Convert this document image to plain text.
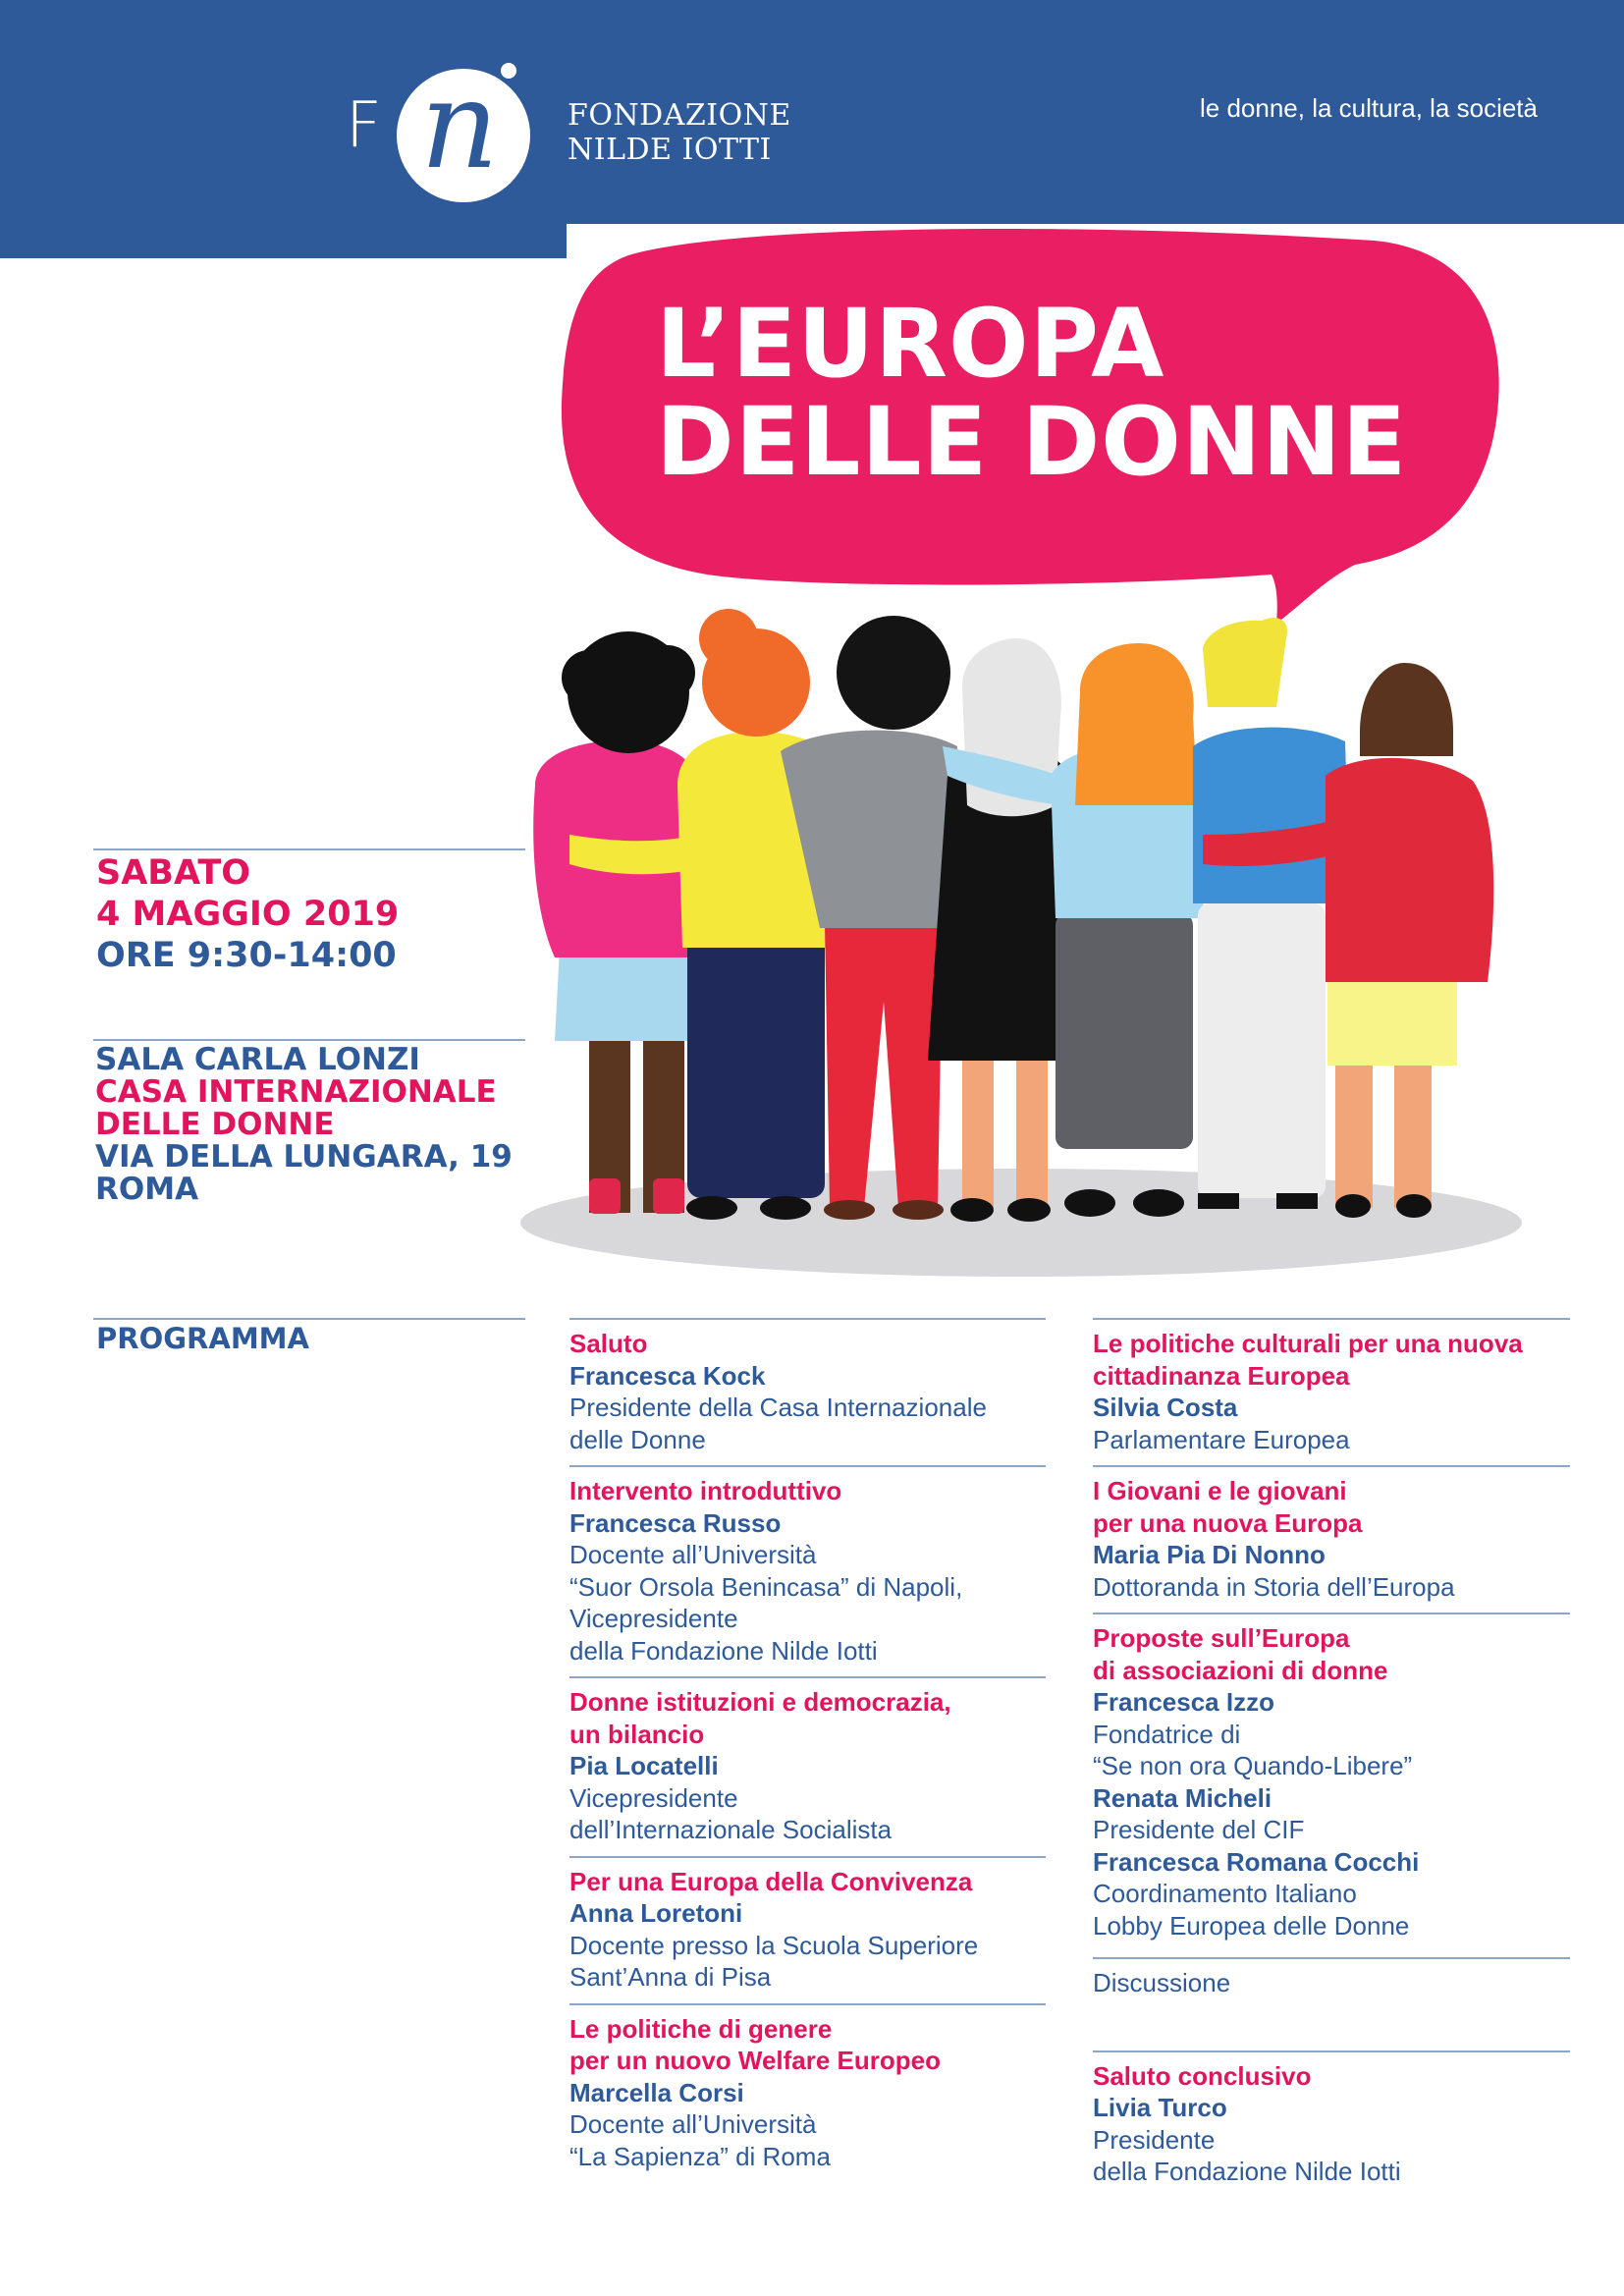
F n FONDAZIONE
NILDE IOTTI
le donne, la cultura, la società
L’EUROPA
DELLE DONNE
SABATO
4 MAGGIO 2019
ORE 9:30-14:00
SALA CARLA LONZI
CASA INTERNAZIONALE
DELLE DONNE
VIA DELLA LUNGARA, 19
ROMA
PROGRAMMA	Saluto
Francesca Kock
Presidente della Casa Internazionale
delle Donne
Intervento introduttivo
Francesca Russo
Docente all’Università
“Suor Orsola Benincasa” di Napoli,
Vicepresidente
della Fondazione Nilde Iotti
Donne istituzioni e democrazia,
un bilancio
Pia Locatelli
Vicepresidente
dell’Internazionale Socialista
Per una Europa della Convivenza
Anna Loretoni
Docente presso la Scuola Superiore
Sant’Anna di Pisa
Le politiche di genere
per un nuovo Welfare Europeo
Marcella Corsi
Docente all’Università
“La Sapienza” di Roma
Le politiche culturali per una nuova
cittadinanza Europea
Silvia Costa
Parlamentare Europea
I Giovani e le giovani
per una nuova Europa
Maria Pia Di Nonno
Dottoranda in Storia dell’Europa
Proposte sull’Europa
di associazioni di donne
Francesca Izzo
Fondatrice di
“Se non ora Quando-Libere”
Renata Micheli
Presidente del CIF
Francesca Romana Cocchi
Coordinamento Italiano
Lobby Europea delle Donne
Discussione
Saluto conclusivo
Livia Turco
Presidente
della Fondazione Nilde Iotti
